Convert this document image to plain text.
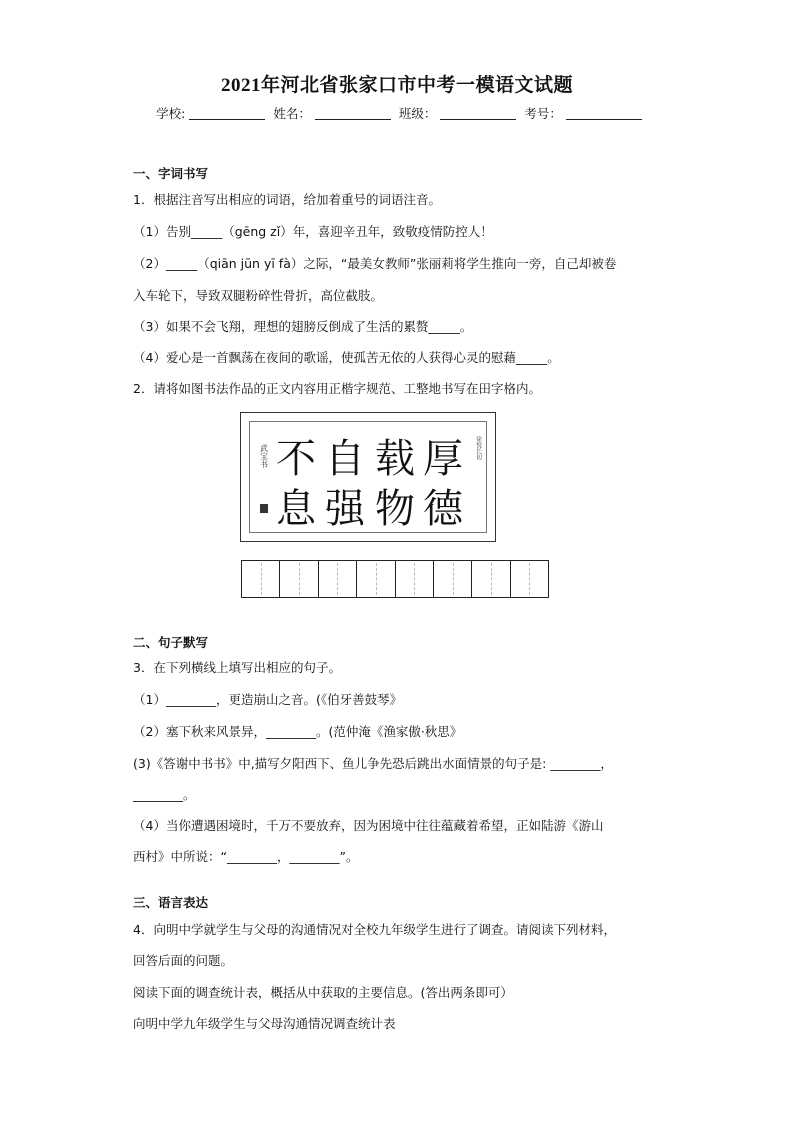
2021年河北省张家口市中考一模语文试题
学校:	姓名：	班级：	考号：
一、字词书写
1．根据注音写出相应的词语，给加着重号的词语注音。
（1）告别_____（gēng zǐ）年，喜迎辛丑年，致敬疫情防控人！
（2）_____（qiān jūn yī fà）之际，“最美女教师”张丽莉将学生推向一旁，自己却被卷
入车轮下，导致双腿粉碎性骨折，高位截肢。
（3）如果不会飞翔，理想的翅膀反倒成了生活的累赘_____。
（4）爱心是一首飘荡在夜间的歌谣，使孤苦无依的人获得心灵的慰藉_____。
2．请将如图书法作品的正文内容用正楷字规范、工整地书写在田字格内。
厚
载
自
不
德
物
强
息
武宝书	徐悦长切
二、句子默写
3．在下列横线上填写出相应的句子。
（1）________，更造崩山之音。(《伯牙善鼓琴》
（2）塞下秋来风景异，________。(范仲淹《渔家傲·秋思》
(3)《答谢中书书》中,描写夕阳西下、鱼儿争先恐后跳出水面情景的句子是: ________，
________。
（4）当你遭遇困境时，千万不要放弃，因为困境中往往蕴藏着希望，正如陆游《游山
西村》中所说：“________，________”。
三、语言表达
4．向明中学就学生与父母的沟通情况对全校九年级学生进行了调查。请阅读下列材料，
回答后面的问题。
阅读下面的调查统计表，概括从中获取的主要信息。(答出两条即可）
向明中学九年级学生与父母沟通情况调查统计表
